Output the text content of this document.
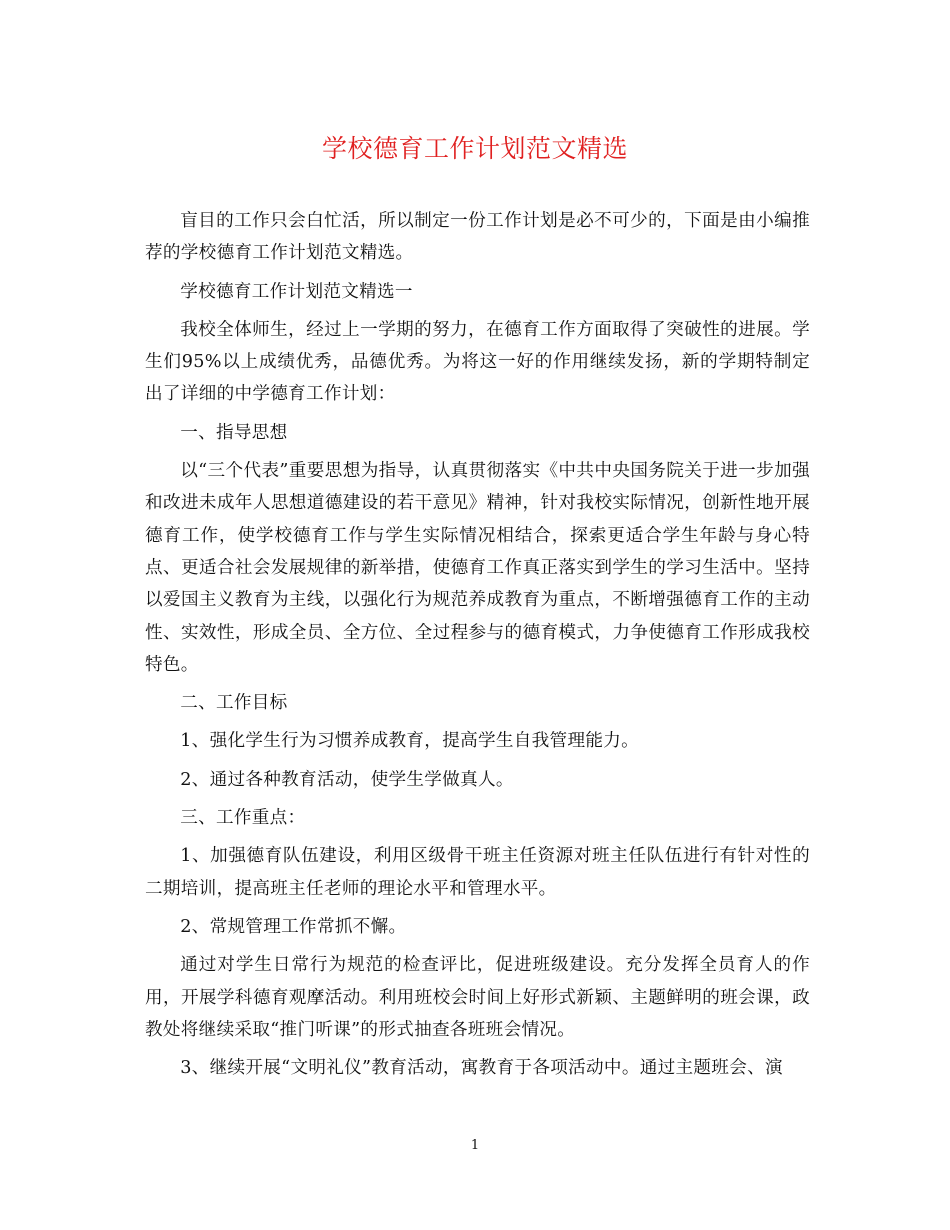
学校德育工作计划范文精选

盲目的工作只会白忙活，所以制定一份工作计划是必不可少的，下面是由小编推荐的学校德育工作计划范文精选。

学校德育工作计划范文精选一

我校全体师生，经过上一学期的努力，在德育工作方面取得了突破性的进展。学生们95%以上成绩优秀，品德优秀。为将这一好的作用继续发扬，新的学期特制定出了详细的中学德育工作计划：

一、指导思想

以“三个代表”重要思想为指导，认真贯彻落实《中共中央国务院关于进一步加强和改进未成年人思想道德建设的若干意见》精神，针对我校实际情况，创新性地开展德育工作，使学校德育工作与学生实际情况相结合，探索更适合学生年龄与身心特点、更适合社会发展规律的新举措，使德育工作真正落实到学生的学习生活中。坚持以爱国主义教育为主线，以强化行为规范养成教育为重点，不断增强德育工作的主动性、实效性，形成全员、全方位、全过程参与的德育模式，力争使德育工作形成我校特色。

二、工作目标

1、强化学生行为习惯养成教育，提高学生自我管理能力。

2、通过各种教育活动，使学生学做真人。

三、工作重点：

1、加强德育队伍建设，利用区级骨干班主任资源对班主任队伍进行有针对性的二期培训，提高班主任老师的理论水平和管理水平。

2、常规管理工作常抓不懈。

通过对学生日常行为规范的检查评比，促进班级建设。充分发挥全员育人的作用，开展学科德育观摩活动。利用班校会时间上好形式新颖、主题鲜明的班会课，政教处将继续采取“推门听课”的形式抽查各班班会情况。

3、继续开展“文明礼仪”教育活动，寓教育于各项活动中。通过主题班会、演

1
